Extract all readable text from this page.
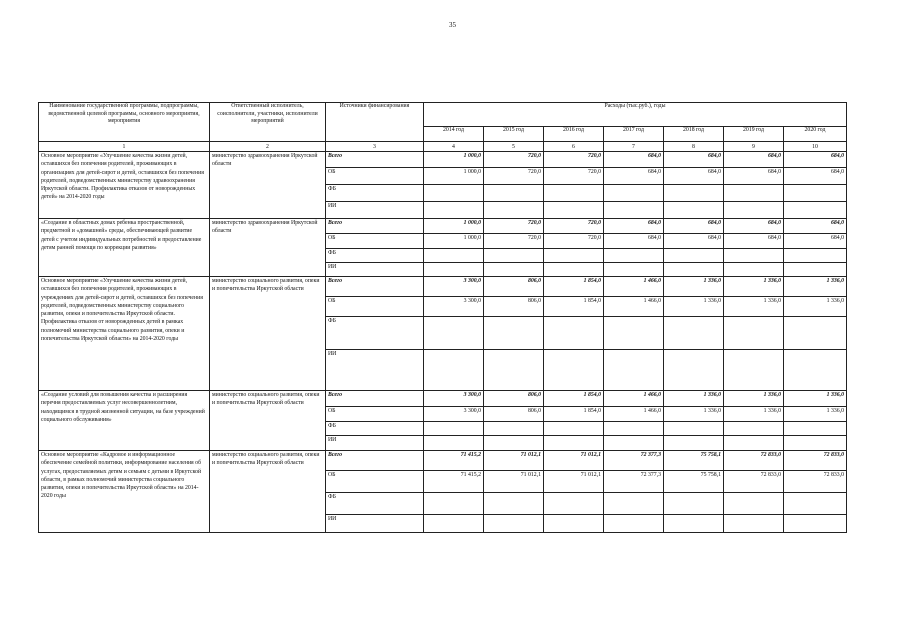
35
Наименование государственной программы, подпрограммы, ведомственной целевой программы, основного мероприятия, мероприятия	Ответственный исполнитель, соисполнители, участники, исполнители мероприятий	Источники финансирования	Расходы (тыс.руб.), годы						
			2014 год	2015 год	2016 год	2017 год	2018 год	2019 год	2020 год
1	2	3	4	5	6	7	8	9	10
Основное мероприятие «Улучшение качества жизни детей, оставшихся без попечения родителей, проживающих в организациях для детей-сирот и детей, оставшихся без попечения родителей, подведомственных министерству здравоохранения Иркутской области. Профилактика отказов от новорожденных детей» на 2014-2020 годы	министерство здравоохранения Иркутской области	Всего	1 000,0	720,0	720,0	684,0	684,0	684,0	684,0
		ОБ	1 000,0	720,0	720,0	684,0	684,0	684,0	684,0
		ФБ							
		ИИ							
«Создание в областных домах ребенка пространственной, предметной и «домашней» среды, обеспечивающей развитие детей с учетом индивидуальных потребностей и предоставление детям ранней помощи по коррекции развития»	министерство здравоохранения Иркутской области	Всего	1 000,0	720,0	720,0	684,0	684,0	684,0	684,0
		ОБ	1 000,0	720,0	720,0	684,0	684,0	684,0	684,0
		ФБ							
		ИИ							
Основное мероприятие «Улучшение качества жизни детей, оставшихся без попечения родителей, проживающих в учреждениях для детей-сирот и детей, оставшихся без попечения родителей, подведомственных министерству социального развития, опеки и попечительства Иркутской области. Профилактика отказов от новорожденных детей в рамках полномочий министерства социального развития, опеки и попечительства Иркутской области» на 2014-2020 годы	министерство социального развития, опеки и попечительства Иркутской области	Всего	3 300,0	806,0	1 854,0	1 466,0	1 336,0	1 336,0	1 336,0
		ОБ	3 300,0	806,0	1 854,0	1 466,0	1 336,0	1 336,0	1 336,0
		ФБ							
		ИИ							
«Создание условий для повышения качества и расширения перечня предоставляемых услуг несовершеннолетним, находящимся в трудной жизненной ситуации, на базе учреждений социального обслуживания»	министерство социального развития, опеки и попечительства Иркутской области	Всего	3 300,0	806,0	1 854,0	1 466,0	1 336,0	1 336,0	1 336,0
		ОБ	3 300,0	806,0	1 854,0	1 466,0	1 336,0	1 336,0	1 336,0
		ФБ							
		ИИ							
Основное мероприятие «Кадровое и информационное обеспечение семейной политики, информирование населения об услугах, предоставляемых детям и семьям с детьми в Иркутской области, в рамках полномочий министерства социального развития, опеки и попечительства Иркутской области» на 2014-2020 годы	министерство социального развития, опеки и попечительства Иркутской области	Всего	71 415,2	71 012,1	71 012,1	72 377,3	75 758,1	72 833,0	72 833,0
		ОБ	71 415,2	71 012,1	71 012,1	72 377,3	75 758,1	72 833,0	72 833,0
		ФБ							
		ИИ							
